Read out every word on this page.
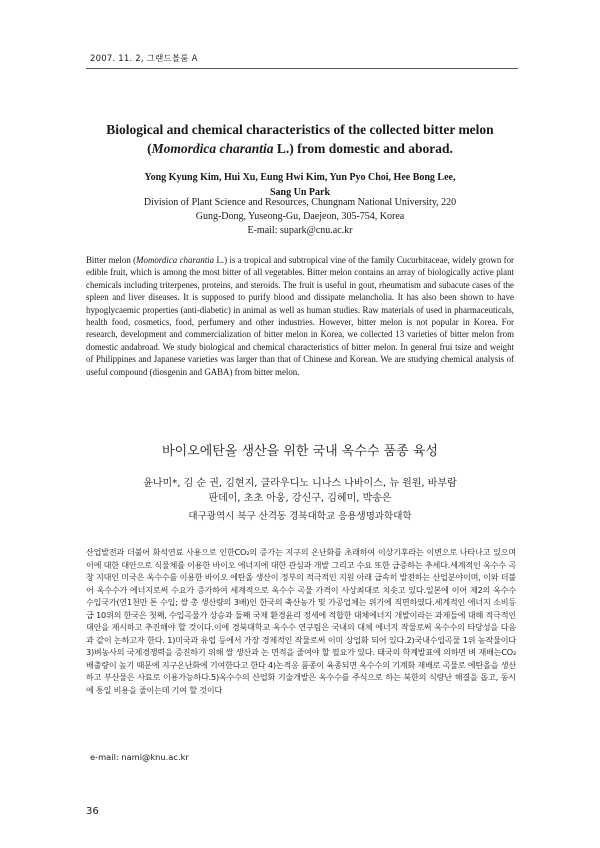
2007. 11. 2, 그랜드볼룸 A
Biological and chemical characteristics of the collected bitter melon
(Momordica charantia L.) from domestic and aborad.
Yong Kyung Kim, Hui Xu, Eung Hwi Kim, Yun Pyo Choi, Hee Bong Lee,
Sang Un Park
Division of Plant Science and Resources, Chungnam National University, 220
Gung-Dong, Yuseong-Gu, Daejeon, 305-754, Korea
E-mail: supark@cnu.ac.kr

Bitter melon (Momordica charantia L.) is a tropical and subtropical vine of the family Cucurbitaceae, widely grown for edible fruit, which is among the most bitter of all vegetables. Bitter melon contains an array of biologically active plant chemicals including triterpenes, proteins, and steroids. The fruit is useful in gout, rheumatism and subacute cases of the spleen and liver diseases. It is supposed to purify blood and dissipate melancholia. It has also been shown to have hypoglycaemic properties (anti-diabetic) in animal as well as human studies. Raw materials of used in pharmaceuticals, health food, cosmetics, food, perfumery and other industries. However, bitter melon is not popular in Korea. For research, development and commercialization of bitter melon in Korea, we collected 13 varieties of bitter melon from domestic andabroad. We study biological and chemical characteristics of bitter melon. In general frui tsize and weight of Philippines and Japanese varieties was larger than that of Chinese and Korean. We are studying chemical analysis of useful compound (diosgenin and GABA) from bitter melon.

바이오에탄올 생산을 위한 국내 옥수수 품종 육성
윤나미*, 김 순 권, 김현지, 클라우디노 니나스 나바이스, 뉴 원원, 바부람
판데이, 초초 아웅, 강신구, 김혜미, 박송은
대구광역시 북구 산격동 경북대학교 응용생명과학대학

산업발전과 더불어 화석연료 사용으로 인한CO₂의 증가는 지구의 온난화를 초래하여 이상기후라는 이변으로 나타나고 있으며 이에 대한 대안으로 식물체를 이용한 바이오 에너지에 대한 관심과 개발 그리고 수요 또한 급증하는 추세다.세계적인 옥수수 곡창 지대인 미국은 옥수수를 이용한 바이오 에탄올 생산이 정부의 적극적인 지원 아래 급속히 발전하는 산업분야이며, 이와 더불어 옥수수가 에너지로써 수요가 증가하여 세계적으로 옥수수 곡물 가격이 사상최대로 치솟고 있다.일본에 이어 제2의 옥수수 수입국가(연1천만 톤 수입; 쌀 총 생산량의 3배)인 한국의 축산농가 및 가공업체는 위기에 직면하였다.세계적인 에너지 소비등급 10위의 한국은 첫째, 수입곡물가 상승과 둘째 국제 환경윤리 정세에 적합한 대체에너지 개발이라는 과제들에 대해 적극적인 대안을 제시하고 추진해야 할 것이다.이에 경북대학교 옥수수 연구팀은 국내의 대체 에너지 작물로써 옥수수의 타당성을 다음과 같이 논하고자 한다. 1)미국과 유럽 등에서 가장 경제적인 작물로써 이미 상업화 되어 있다.2)국내수입곡물 1위 농작물이다 3)벼농사의 국제경쟁력을 증진하기 위해 쌀 생산과 논 면적을 줄여야 할 필요가 있다. 태국의 학계발표에 의하면 벼 재배는CO₂ 배출량이 높기 때문에 지구온난화에 기여한다고 한다 4)논적응 품종이 육종되면 옥수수의 기계화 재배로 곡물로 에탄올을 생산하고 부산물은 사료로 이용가능하다.5)옥수수의 산업화 기술개발은 옥수수를 주식으로 하는 북한의 식량난 해결을 돕고, 동시에 통일 비용을 줄이는데 기여 할 것이다

e-mail: nami@knu.ac.kr
36
